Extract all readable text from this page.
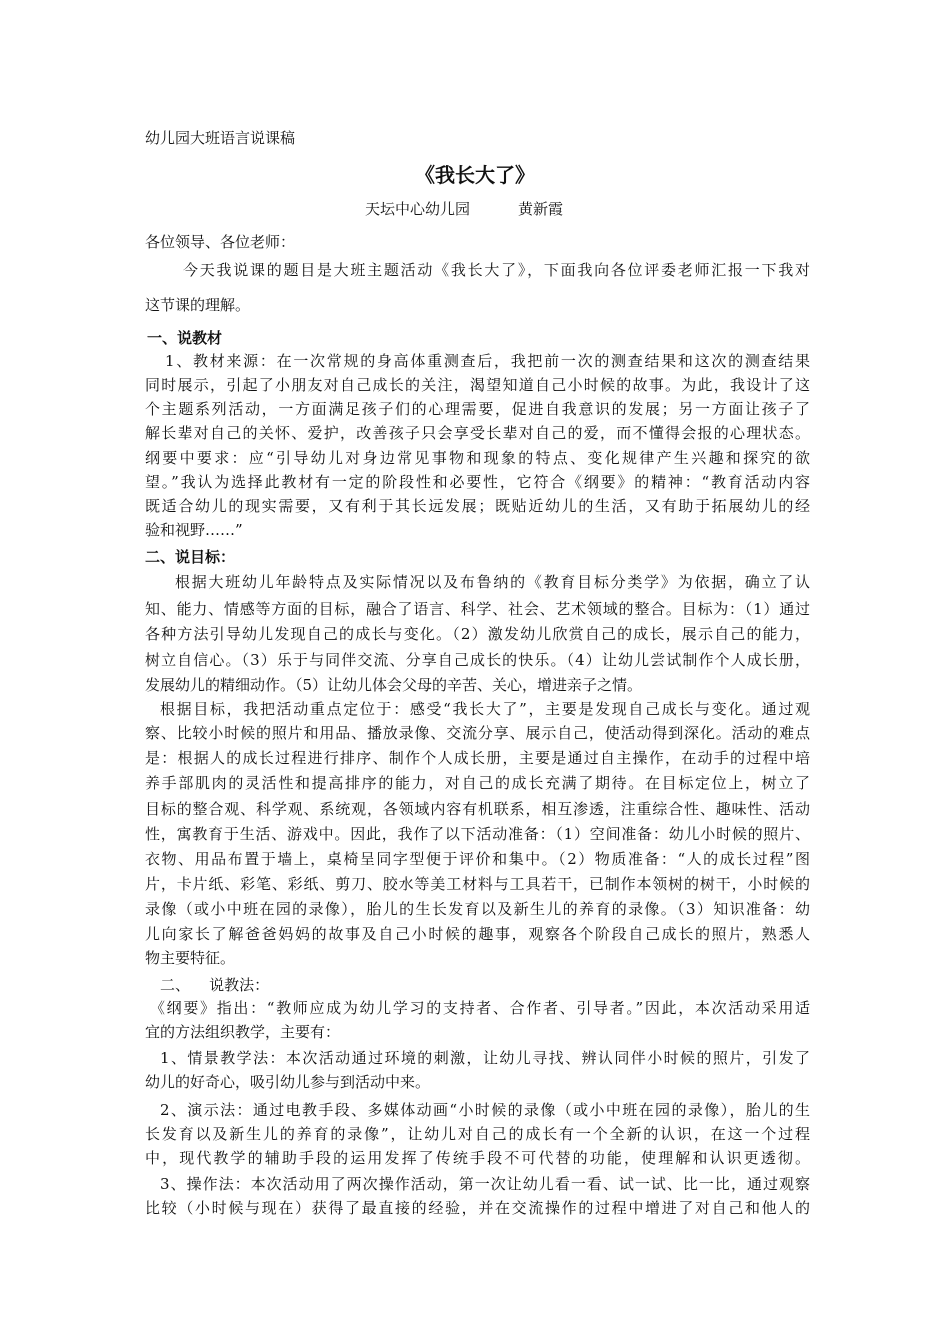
幼儿园大班语言说课稿
《我长大了》
天坛中心幼儿园	黄新霞
各位领导、各位老师：
今天我说课的题目是大班主题活动《我长大了》，下面我向各位评委老师汇报一下我对
这节课的理解。
一、说教材
1、教材来源：在一次常规的身高体重测查后，我把前一次的测查结果和这次的测查结果
同时展示，引起了小朋友对自己成长的关注，渴望知道自己小时候的故事。为此，我设计了这
个主题系列活动，一方面满足孩子们的心理需要，促进自我意识的发展；另一方面让孩子了
解长辈对自己的关怀、爱护，改善孩子只会享受长辈对自己的爱，而不懂得会报的心理状态。
纲要中要求：应“引导幼儿对身边常见事物和现象的特点、变化规律产生兴趣和探究的欲
望。”我认为选择此教材有一定的阶段性和必要性，它符合《纲要》的精神：“教育活动内容
既适合幼儿的现实需要，又有利于其长远发展；既贴近幼儿的生活，又有助于拓展幼儿的经
验和视野……”
二、说目标：
根据大班幼儿年龄特点及实际情况以及布鲁纳的《教育目标分类学》为依据，确立了认
知、能力、情感等方面的目标，融合了语言、科学、社会、艺术领域的整合。目标为：（1）通过
各种方法引导幼儿发现自己的成长与变化。（2）激发幼儿欣赏自己的成长，展示自己的能力，
树立自信心。（3）乐于与同伴交流、分享自己成长的快乐。（4）让幼儿尝试制作个人成长册，
发展幼儿的精细动作。（5）让幼儿体会父母的辛苦、关心，增进亲子之情。
根据目标，我把活动重点定位于：感受“我长大了”，主要是发现自己成长与变化。通过观
察、比较小时候的照片和用品、播放录像、交流分享、展示自己，使活动得到深化。活动的难点
是：根据人的成长过程进行排序、制作个人成长册，主要是通过自主操作，在动手的过程中培
养手部肌肉的灵活性和提高排序的能力，对自己的成长充满了期待。在目标定位上，树立了
目标的整合观、科学观、系统观，各领域内容有机联系，相互渗透，注重综合性、趣味性、活动
性，寓教育于生活、游戏中。因此，我作了以下活动准备：（1）空间准备：幼儿小时候的照片、
衣物、用品布置于墙上，桌椅呈同字型便于评价和集中。（2）物质准备：“人的成长过程”图
片，卡片纸、彩笔、彩纸、剪刀、胶水等美工材料与工具若干，已制作本领树的树干，小时候的
录像（或小中班在园的录像），胎儿的生长发育以及新生儿的养育的录像。（3）知识准备：幼
儿向家长了解爸爸妈妈的故事及自己小时候的趣事，观察各个阶段自己成长的照片，熟悉人
物主要特征。
二、    说教法：
《纲要》指出：“教师应成为幼儿学习的支持者、合作者、引导者。”因此，本次活动采用适
宜的方法组织教学，主要有：
1、情景教学法：本次活动通过环境的刺激，让幼儿寻找、辨认同伴小时候的照片，引发了
幼儿的好奇心，吸引幼儿参与到活动中来。
2、演示法：通过电教手段、多媒体动画“小时候的录像（或小中班在园的录像），胎儿的生
长发育以及新生儿的养育的录像”，让幼儿对自己的成长有一个全新的认识，在这一个过程
中，现代教学的辅助手段的运用发挥了传统手段不可代替的功能，使理解和认识更透彻。
3、操作法：本次活动用了两次操作活动，第一次让幼儿看一看、试一试、比一比，通过观察
比较（小时候与现在）获得了最直接的经验，并在交流操作的过程中增进了对自己和他人的
